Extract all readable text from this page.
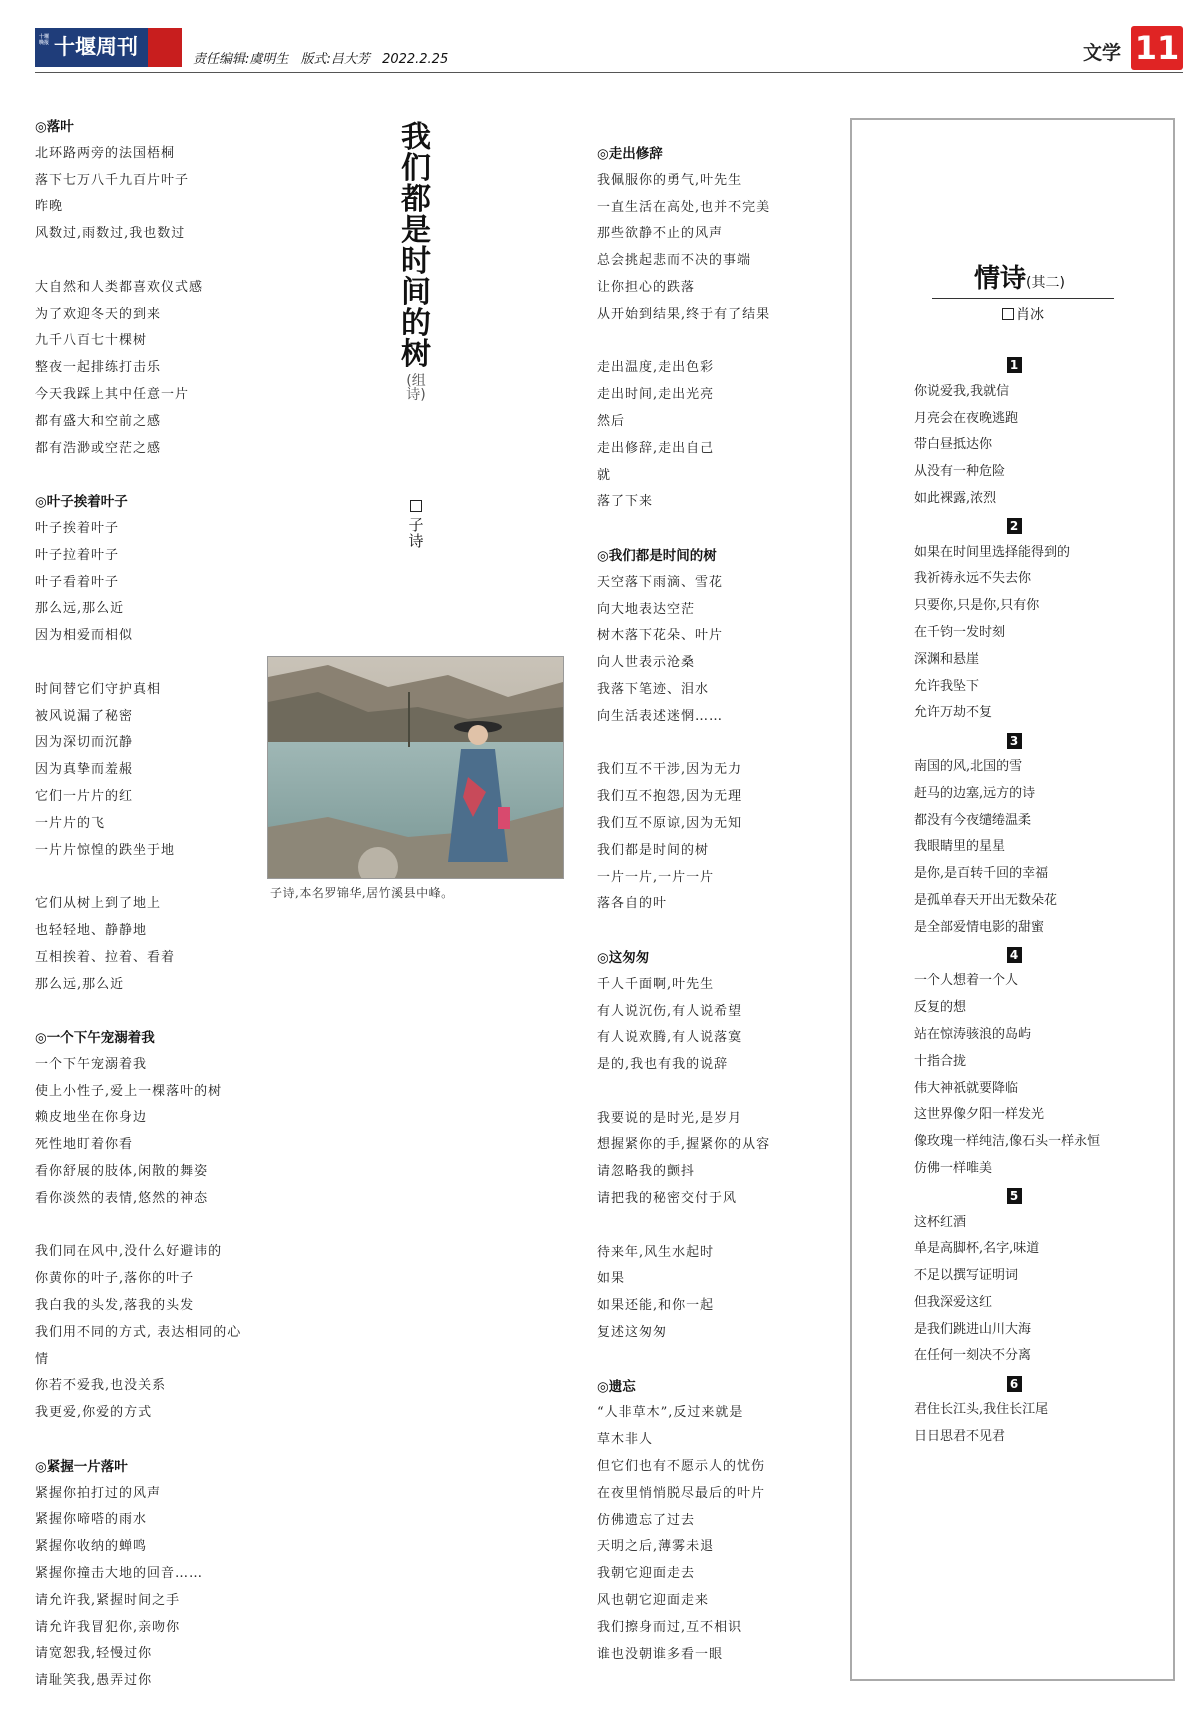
十堰晚报 十堰周刊
责任编辑:虞明生 版式:吕大芳 2022.2.25	文学 11
◎落叶
北环路两旁的法国梧桐
落下七万八千九百片叶子
昨晚
风数过,雨数过,我也数过
大自然和人类都喜欢仪式感
为了欢迎冬天的到来
九千八百七十棵树
整夜一起排练打击乐
今天我踩上其中任意一片
都有盛大和空前之感
都有浩渺或空茫之感
◎叶子挨着叶子
叶子挨着叶子
叶子拉着叶子
叶子看着叶子
那么远,那么近
因为相爱而相似
时间替它们守护真相
被风说漏了秘密
因为深切而沉静
因为真挚而羞赧
它们一片片的红
一片片的飞
一片片惊惶的跌坐于地
它们从树上到了地上
也轻轻地、静静地
互相挨着、拉着、看着
那么远,那么近
◎一个下午宠溺着我
一个下午宠溺着我
使上小性子,爱上一棵落叶的树
赖皮地坐在你身边
死性地盯着你看
看你舒展的肢体,闲散的舞姿
看你淡然的表情,悠然的神态
我们同在风中,没什么好避讳的
你黄你的叶子,落你的叶子
我白我的头发,落我的头发
我们用不同的方式, 表达相同的心
情
你若不爱我,也没关系
我更爱,你爱的方式
◎紧握一片落叶
紧握你拍打过的风声
紧握你啼嗒的雨水
紧握你收纳的蝉鸣
紧握你撞击大地的回音……
请允许我,紧握时间之手
请允许我冒犯你,亲吻你
请宽恕我,轻慢过你
请耻笑我,愚弄过你
我
们
都
是
时
间
的
树
(组诗)
子
诗
子诗,本名罗锦华,居竹溪县中峰。
◎走出修辞
我佩服你的勇气,叶先生
一直生活在高处,也并不完美
那些欲静不止的风声
总会挑起悲而不决的事端
让你担心的跌落
从开始到结果,终于有了结果
走出温度,走出色彩
走出时间,走出光亮
然后
走出修辞,走出自己
就
落了下来
◎我们都是时间的树
天空落下雨滴、雪花
向大地表达空茫
树木落下花朵、叶片
向人世表示沧桑
我落下笔迹、泪水
向生活表述迷惘……
我们互不干涉,因为无力
我们互不抱怨,因为无理
我们互不原谅,因为无知
我们都是时间的树
一片一片,一片一片
落各自的叶
◎这匆匆
千人千面啊,叶先生
有人说沉伤,有人说希望
有人说欢腾,有人说落寞
是的,我也有我的说辞
我要说的是时光,是岁月
想握紧你的手,握紧你的从容
请忽略我的颤抖
请把我的秘密交付于风
待来年,风生水起时
如果
如果还能,和你一起
复述这匆匆
◎遗忘
“人非草木”,反过来就是
草木非人
但它们也有不愿示人的忧伤
在夜里悄悄脱尽最后的叶片
仿佛遗忘了过去
天明之后,薄雾未退
我朝它迎面走去
风也朝它迎面走来
我们擦身而过,互不相识
谁也没朝谁多看一眼
情诗(其二)
肖冰
1
你说爱我,我就信
月亮会在夜晚逃跑
带白昼抵达你
从没有一种危险
如此裸露,浓烈
2
如果在时间里选择能得到的
我祈祷永远不失去你
只要你,只是你,只有你
在千钧一发时刻
深渊和悬崖
允许我坠下
允许万劫不复
3
南国的风,北国的雪
赶马的边塞,远方的诗
都没有今夜缱绻温柔
我眼睛里的星星
是你,是百转千回的幸福
是孤单春天开出无数朵花
是全部爱情电影的甜蜜
4
一个人想着一个人
反复的想
站在惊涛骇浪的岛屿
十指合拢
伟大神祇就要降临
这世界像夕阳一样发光
像玫瑰一样纯洁,像石头一样永恒
仿佛一样唯美
5
这杯红酒
单是高脚杯,名字,味道
不足以撰写证明词
但我深爱这红
是我们跳进山川大海
在任何一刻决不分离
6
君住长江头,我住长江尾
日日思君不见君
